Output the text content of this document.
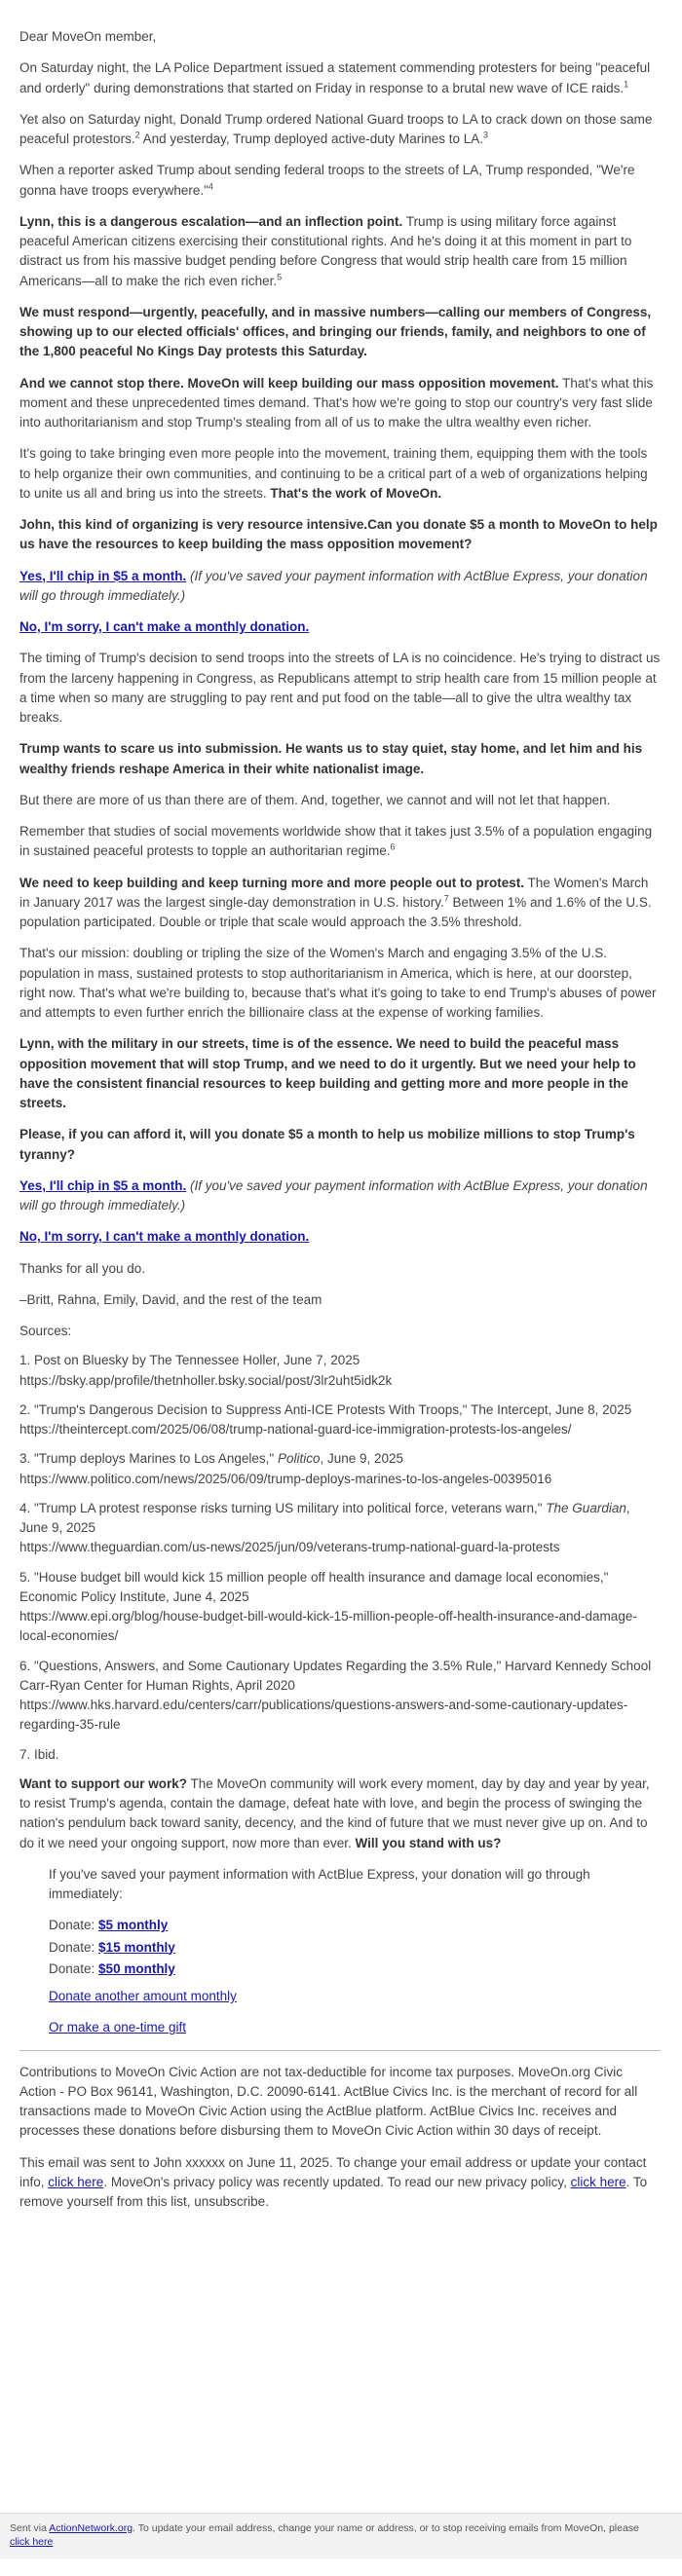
Dear MoveOn member,

On Saturday night, the LA Police Department issued a statement commending protesters for being "peaceful and orderly" during demonstrations that started on Friday in response to a brutal new wave of ICE raids.$^1$

Yet also on Saturday night, Donald Trump ordered National Guard troops to LA to crack down on those same peaceful protestors.$^2$ And yesterday, Trump deployed active-duty Marines to LA.$^3$

When a reporter asked Trump about sending federal troops to the streets of LA, Trump responded, "We're gonna have troops everywhere."$^4$

Lynn, this is a dangerous escalation—and an inflection point. Trump is using military force against peaceful American citizens exercising their constitutional rights. And he's doing it at this moment in part to distract us from his massive budget pending before Congress that would strip health care from 15 million Americans—all to make the rich even richer.$^5$

We must respond—urgently, peacefully, and in massive numbers—calling our members of Congress, showing up to our elected officials' offices, and bringing our friends, family, and neighbors to one of the 1,800 peaceful No Kings Day protests this Saturday.

And we cannot stop there. MoveOn will keep building our mass opposition movement. That's what this moment and these unprecedented times demand. That's how we're going to stop our country's very fast slide into authoritarianism and stop Trump's stealing from all of us to make the ultra wealthy even richer.

It's going to take bringing even more people into the movement, training them, equipping them with the tools to help organize their own communities, and continuing to be a critical part of a web of organizations helping to unite us all and bring us into the streets. That's the work of MoveOn.

John, this kind of organizing is very resource intensive.Can you donate $5 a month to MoveOn to help us have the resources to keep building the mass opposition movement?

Yes, I'll chip in $5 a month. (If you've saved your payment information with ActBlue Express, your donation will go through immediately.)

No, I'm sorry, I can't make a monthly donation.

The timing of Trump's decision to send troops into the streets of LA is no coincidence. He's trying to distract us from the larceny happening in Congress, as Republicans attempt to strip health care from 15 million people at a time when so many are struggling to pay rent and put food on the table—all to give the ultra wealthy tax breaks.

Trump wants to scare us into submission. He wants us to stay quiet, stay home, and let him and his wealthy friends reshape America in their white nationalist image.

But there are more of us than there are of them. And, together, we cannot and will not let that happen.

Remember that studies of social movements worldwide show that it takes just 3.5% of a population engaging in sustained peaceful protests to topple an authoritarian regime.$^6$

We need to keep building and keep turning more and more people out to protest. The Women's March in January 2017 was the largest single-day demonstration in U.S. history.$^7$ Between 1% and 1.6% of the U.S. population participated. Double or triple that scale would approach the 3.5% threshold.

That's our mission: doubling or tripling the size of the Women's March and engaging 3.5% of the U.S. population in mass, sustained protests to stop authoritarianism in America, which is here, at our doorstep, right now. That's what we're building to, because that's what it's going to take to end Trump's abuses of power and attempts to even further enrich the billionaire class at the expense of working families.

Lynn, with the military in our streets, time is of the essence. We need to build the peaceful mass opposition movement that will stop Trump, and we need to do it urgently. But we need your help to have the consistent financial resources to keep building and getting more and more people in the streets.

Please, if you can afford it, will you donate $5 a month to help us mobilize millions to stop Trump's tyranny?

Yes, I'll chip in $5 a month. (If you've saved your payment information with ActBlue Express, your donation will go through immediately.)

No, I'm sorry, I can't make a monthly donation.

Thanks for all you do.

–Britt, Rahna, Emily, David, and the rest of the team

Sources:

1. Post on Bluesky by The Tennessee Holler, June 7, 2025
https://bsky.app/profile/thetnholler.bsky.social/post/3lr2uht5idk2k

2. "Trump's Dangerous Decision to Suppress Anti-ICE Protests With Troops," The Intercept, June 8, 2025
https://theintercept.com/2025/06/08/trump-national-guard-ice-immigration-protests-los-angeles/

3. "Trump deploys Marines to Los Angeles," Politico, June 9, 2025
https://www.politico.com/news/2025/06/09/trump-deploys-marines-to-los-angeles-00395016

4. "Trump LA protest response risks turning US military into political force, veterans warn," The Guardian, June 9, 2025
https://www.theguardian.com/us-news/2025/jun/09/veterans-trump-national-guard-la-protests

5. "House budget bill would kick 15 million people off health insurance and damage local economies," Economic Policy Institute, June 4, 2025
https://www.epi.org/blog/house-budget-bill-would-kick-15-million-people-off-health-insurance-and-damage-local-economies/

6. "Questions, Answers, and Some Cautionary Updates Regarding the 3.5% Rule," Harvard Kennedy School Carr-Ryan Center for Human Rights, April 2020
https://www.hks.harvard.edu/centers/carr/publications/questions-answers-and-some-cautionary-updates-regarding-35-rule

7. Ibid.

Want to support our work? The MoveOn community will work every moment, day by day and year by year, to resist Trump's agenda, contain the damage, defeat hate with love, and begin the process of swinging the nation's pendulum back toward sanity, decency, and the kind of future that we must never give up on. And to do it we need your ongoing support, now more than ever. Will you stand with us?

If you've saved your payment information with ActBlue Express, your donation will go through immediately:

Donate: $5 monthly

Donate: $15 monthly

Donate: $50 monthly

Donate another amount monthly

Or make a one-time gift

Contributions to MoveOn Civic Action are not tax-deductible for income tax purposes. MoveOn.org Civic Action - PO Box 96141, Washington, D.C. 20090-6141. ActBlue Civics Inc. is the merchant of record for all transactions made to MoveOn Civic Action using the ActBlue platform. ActBlue Civics Inc. receives and processes these donations before disbursing them to MoveOn Civic Action within 30 days of receipt.

This email was sent to John xxxxxx on June 11, 2025. To change your email address or update your contact info, click here. MoveOn's privacy policy was recently updated. To read our new privacy policy, click here. To remove yourself from this list, unsubscribe.

Sent via ActionNetwork.org. To update your email address, change your name or address, or to stop receiving emails from MoveOn, please
click here
